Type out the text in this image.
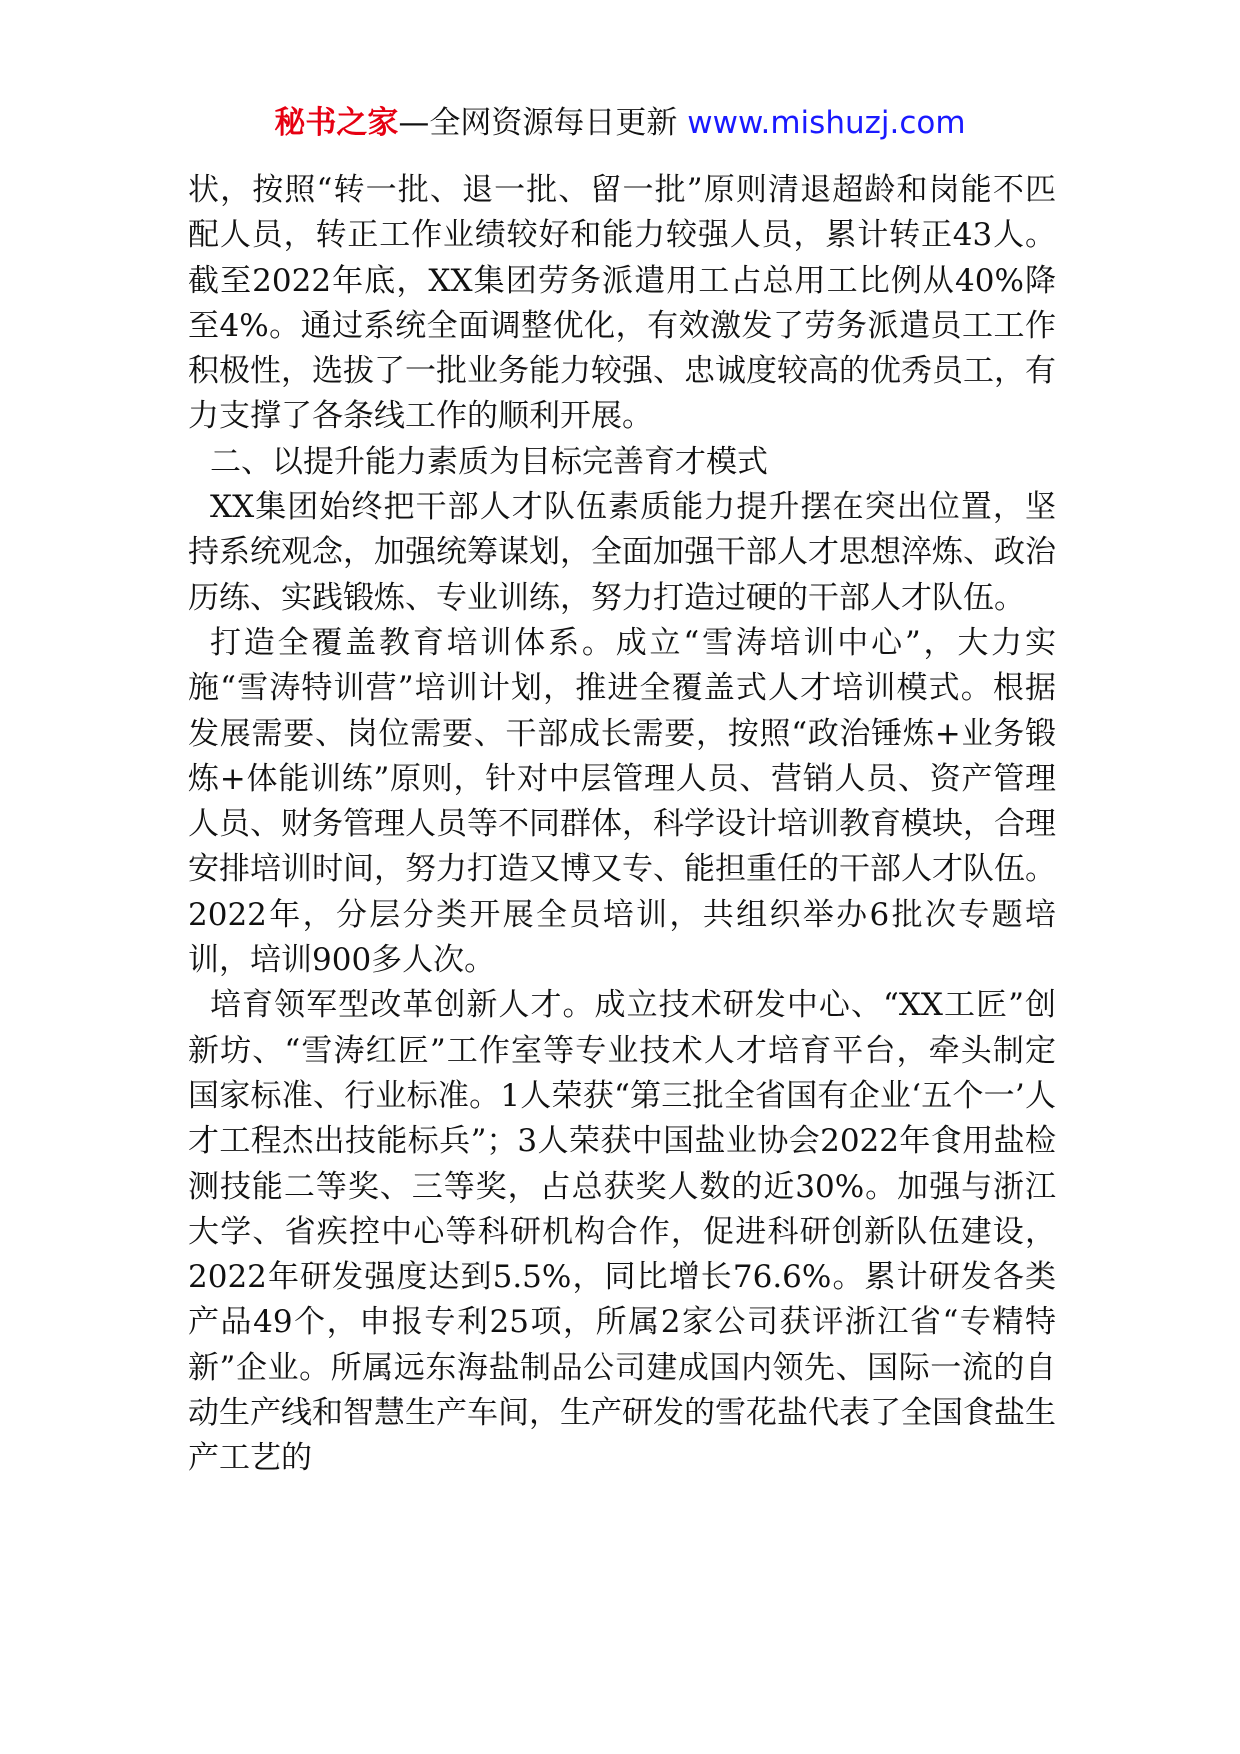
秘书之家—全网资源每日更新 www.mishuzj.com

状，按照“转一批、退一批、留一批”原则清退超龄和岗能不匹配人员，转正工作业绩较好和能力较强人员，累计转正43人。截至2022年底，XX集团劳务派遣用工占总用工比例从40%降至4%。通过系统全面调整优化，有效激发了劳务派遣员工工作积极性，选拔了一批业务能力较强、忠诚度较高的优秀员工，有力支撑了各条线工作的顺利开展。

二、以提升能力素质为目标完善育才模式

XX集团始终把干部人才队伍素质能力提升摆在突出位置，坚持系统观念，加强统筹谋划，全面加强干部人才思想淬炼、政治历练、实践锻炼、专业训练，努力打造过硬的干部人才队伍。

打造全覆盖教育培训体系。成立“雪涛培训中心”，大力实施“雪涛特训营”培训计划，推进全覆盖式人才培训模式。根据发展需要、岗位需要、干部成长需要，按照“政治锤炼+业务锻炼+体能训练”原则，针对中层管理人员、营销人员、资产管理人员、财务管理人员等不同群体，科学设计培训教育模块，合理安排培训时间，努力打造又博又专、能担重任的干部人才队伍。2022年，分层分类开展全员培训，共组织举办6批次专题培训，培训900多人次。

培育领军型改革创新人才。成立技术研发中心、“XX工匠”创新坊、“雪涛红匠”工作室等专业技术人才培育平台，牵头制定国家标准、行业标准。1人荣获“第三批全省国有企业‘五个一’人才工程杰出技能标兵”；3人荣获中国盐业协会2022年食用盐检测技能二等奖、三等奖，占总获奖人数的近30%。加强与浙江大学、省疾控中心等科研机构合作，促进科研创新队伍建设，2022年研发强度达到5.5%，同比增长76.6%。累计研发各类产品49个，申报专利25项，所属2家公司获评浙江省“专精特新”企业。所属远东海盐制品公司建成国内领先、国际一流的自动生产线和智慧生产车间，生产研发的雪花盐代表了全国食盐生产工艺的
